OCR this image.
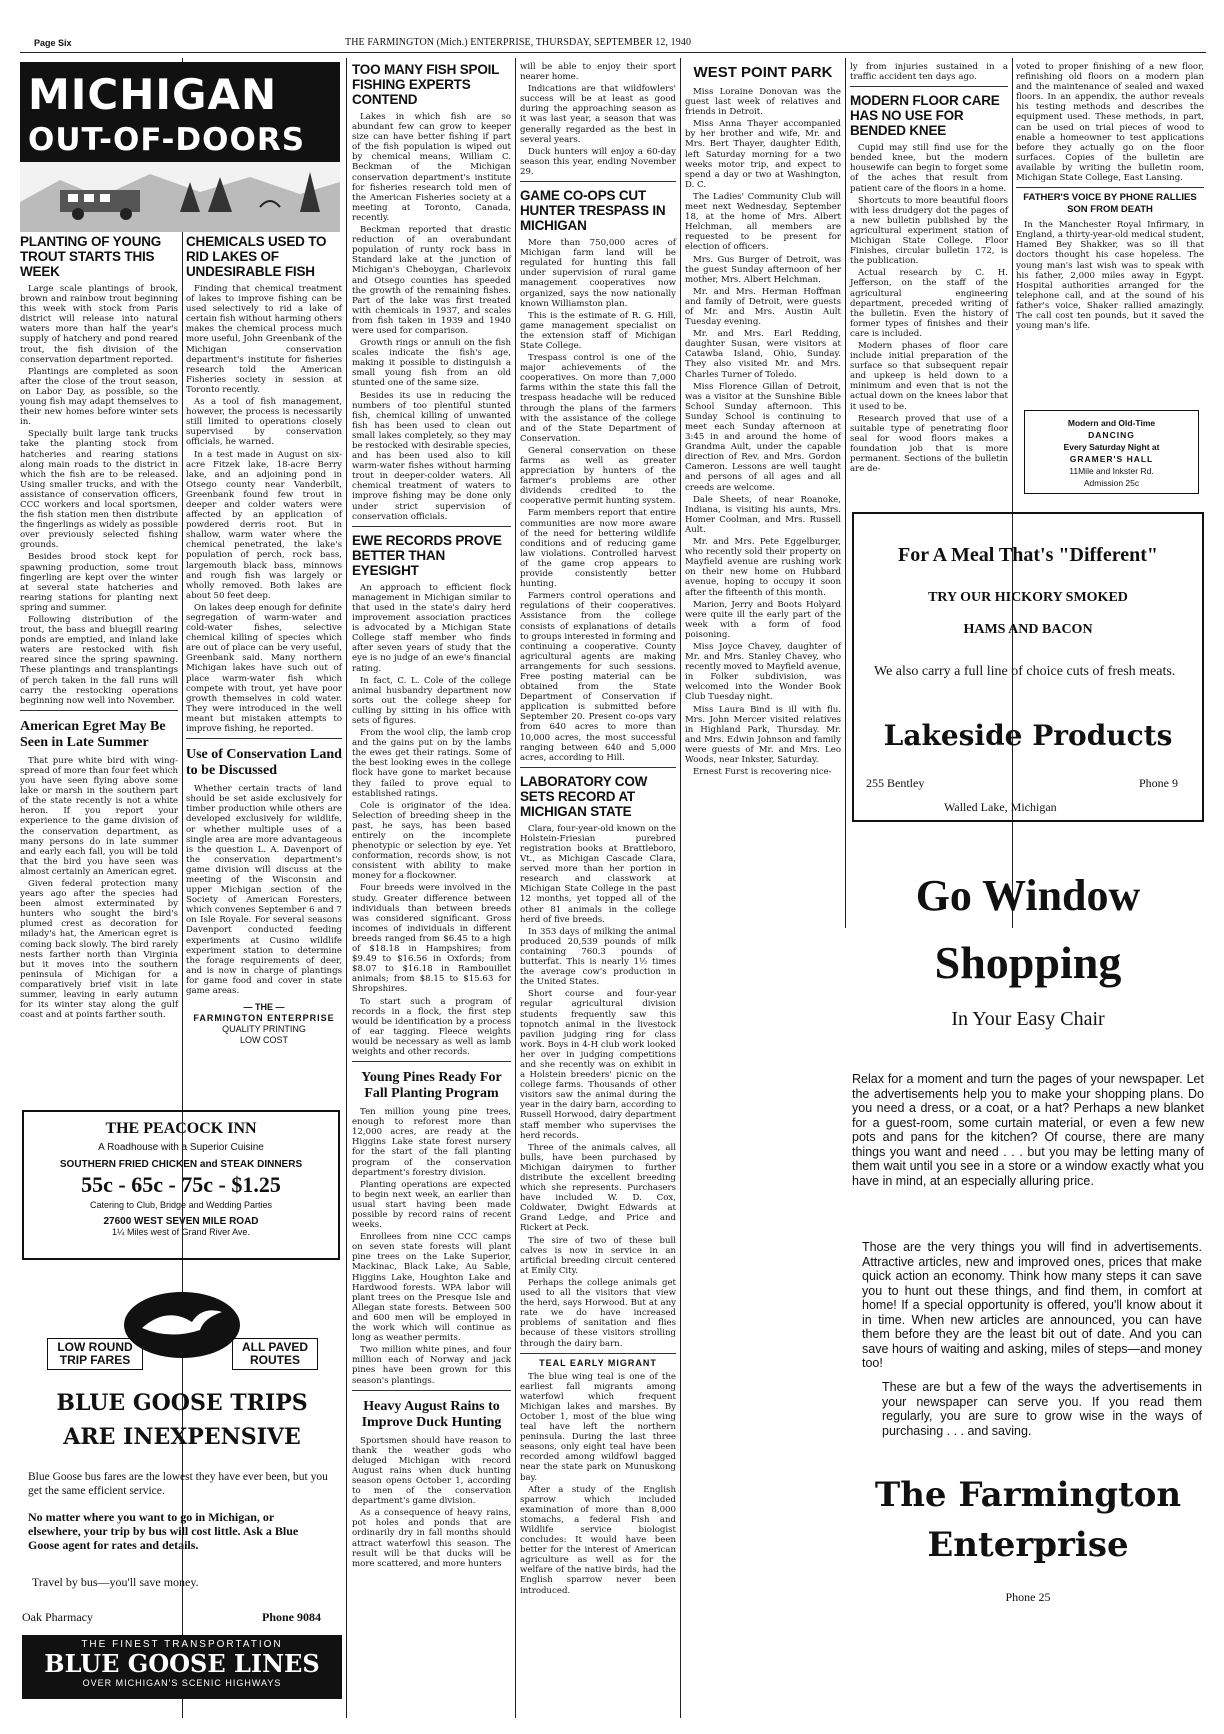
Page Six	THE FARMINGTON (Mich.) ENTERPRISE, THURSDAY, SEPTEMBER 12, 1940
MICHIGAN
OUT-OF-DOORS
PLANTING OF YOUNG TROUT STARTS THIS WEEK

Large scale plantings of brook, brown and rainbow trout beginning this week with stock from Paris district will release into natural waters more than half the year's supply of hatchery and pond reared trout, the fish division of the conservation department reported.

Plantings are completed as soon after the close of the trout season, on Labor Day, as possible, so the young fish may adapt themselves to their new homes before winter sets in.

Specially built large tank trucks take the planting stock from hatcheries and rearing stations along main roads to the district in which the fish are to be released. Using smaller trucks, and with the assistance of conservation officers, CCC workers and local sportsmen, the fish station men then distribute the fingerlings as widely as possible over previously selected fishing grounds.

Besides brood stock kept for spawning production, some trout fingerling are kept over the winter at several state hatcheries and rearing stations for planting next spring and summer.

Following distribution of the trout, the bass and bluegill rearing ponds are emptied, and inland lake waters are restocked with fish reared since the spring spawning. These plantings and transplantings of perch taken in the fall runs will carry the restocking operations beginning now well into November.

American Egret May Be Seen in Late Summer

That pure white bird with wing-spread of more than four feet which you have seen flying above some lake or marsh in the southern part of the state recently is not a white heron. If you report your experience to the game division of the conservation department, as many persons do in late summer and early each fall, you will be told that the bird you have seen was almost certainly an American egret.

Given federal protection many years ago after the species had been almost exterminated by hunters who sought the bird's plumed crest as decoration for milady's hat, the American egret is coming back slowly. The bird rarely nests farther north than Virginia but it moves into the southern peninsula of Michigan for a comparatively brief visit in late summer, leaving in early autumn for its winter stay along the gulf coast and at points farther south.

CHEMICALS USED TO RID LAKES OF UNDESIRABLE FISH

Finding that chemical treatment of lakes to improve fishing can be used selectively to rid a lake of certain fish without harming others makes the chemical process much more useful, John Greenbank of the Michigan conservation department's institute for fisheries research told the American Fisheries society in session at Toronto recently.

As a tool of fish management, however, the process is necessarily still limited to operations closely supervised by conservation officials, he warned.

In a test made in August on six-acre Fitzek lake, 18-acre Berry lake, and an adjoining pond in Otsego county near Vanderbilt, Greenbank found few trout in deeper and colder waters were affected by an application of powdered derris root. But in shallow, warm water where the chemical penetrated, the lake's population of perch, rock bass, largemouth black bass, minnows and rough fish was largely or wholly removed. Both lakes are about 50 feet deep.

On lakes deep enough for definite segregation of warm-water and cold-water fishes, selective chemical killing of species which are out of place can be very useful, Greenbank said. Many northern Michigan lakes have such out of place warm-water fish which compete with trout, yet have poor growth themselves in cold water. They were introduced in the well meant but mistaken attempts to improve fishing, he reported.

Use of Conservation Land to be Discussed

Whether certain tracts of land should be set aside exclusively for timber production while others are developed exclusively for wildlife, or whether multiple uses of a single area are more advantageous is the question L. A. Davenport of the conservation department's game division will discuss at the meeting of the Wisconsin and upper Michigan section of the Society of American Foresters, which convenes September 6 and 7 on Isle Royale. For several seasons Davenport conducted feeding experiments at Cusino wildlife experiment station to determine the forage requirements of deer, and is now in charge of plantings for game food and cover in state game areas.

— THE —
FARMINGTON ENTERPRISE
QUALITY PRINTING
LOW COST
THE PEACOCK INN
A Roadhouse with a Superior Cuisine
SOUTHERN FRIED CHICKEN and STEAK DINNERS
55c - 65c - 75c - $1.25
Catering to Club, Bridge and Wedding Parties
27600 WEST SEVEN MILE ROAD
1¼ Miles west of Grand River Ave.
LOW ROUND TRIP FARES
ALL PAVED ROUTES
BLUE GOOSE TRIPS
ARE INEXPENSIVE
Blue Goose bus fares are the lowest they have ever been, but you get the same efficient service.
No matter where you want to go in Michigan, or elsewhere, your trip by bus will cost little. Ask a Blue Goose agent for rates and details.
Travel by bus—you'll save money.
Oak Pharmacy	Phone 9084
THE FINEST TRANSPORTATION
BLUE GOOSE LINES
OVER MICHIGAN'S SCENIC HIGHWAYS
TOO MANY FISH SPOIL FISHING EXPERTS CONTEND

Lakes in which fish are so abundant few can grow to keeper size can have better fishing if part of the fish population is wiped out by chemical means, William C. Beckman of the Michigan conservation department's institute for fisheries research told men of the American Fisheries society at a meeting at Toronto, Canada, recently.

Beckman reported that drastic reduction of an overabundant population of runty rock bass in Standard lake at the junction of Michigan's Cheboygan, Charlevoix and Otsego counties has speeded the growth of the remaining fishes. Part of the lake was first treated with chemicals in 1937, and scales from fish taken in 1939 and 1940 were used for comparison.

Growth rings or annuli on the fish scales indicate the fish's age, making it possible to distinguish a small young fish from an old stunted one of the same size.

Besides its use in reducing the numbers of too plentiful stunted fish, chemical killing of unwanted fish has been used to clean out small lakes completely, so they may be restocked with desirable species, and has been used also to kill warm-water fishes without harming trout in deeper-colder waters. All chemical treatment of waters to improve fishing may be done only under strict supervision of conservation officials.

EWE RECORDS PROVE BETTER THAN EYESIGHT

An approach to efficient flock management in Michigan similar to that used in the state's dairy herd improvement association practices is advocated by a Michigan State College staff member who finds after seven years of study that the eye is no judge of an ewe's financial rating.

In fact, C. L. Cole of the college animal husbandry department now sorts out the college sheep for culling by sitting in his office with sets of figures.

From the wool clip, the lamb crop and the gains put on by the lambs the ewes get their ratings. Some of the best looking ewes in the college flock have gone to market because they failed to prove equal to established ratings.

Cole is originator of the idea. Selection of breeding sheep in the past, he says, has been based entirely on the incomplete phenotypic or selection by eye. Yet conformation, records show, is not consistent with ability to make money for a flockowner.

Four breeds were involved in the study. Greater difference between individuals than between breeds was considered significant. Gross incomes of individuals in different breeds ranged from $6.45 to a high of $18.18 in Hampshires; from $9.49 to $16.56 in Oxfords; from $8.07 to $16.18 in Rambouillet animals; from $8.15 to $15.63 for Shropshires.

To start such a program of records in a flock, the first step would be identification by a process of ear tagging. Fleece weights would be necessary as well as lamb weights and other records.

Young Pines Ready For Fall Planting Program

Ten million young pine trees, enough to reforest more than 12,000 acres, are ready at the Higgins Lake state forest nursery for the start of the fall planting program of the conservation department's forestry division.

Planting operations are expected to begin next week, an earlier than usual start having been made possible by record rains of recent weeks.

Enrollees from nine CCC camps on seven state forests will plant pine trees on the Lake Superior, Mackinac, Black Lake, Au Sable, Higgins Lake, Houghton Lake and Hardwood forests. WPA labor will plant trees on the Presque Isle and Allegan state forests. Between 500 and 600 men will be employed in the work which will continue as long as weather permits.

Two million white pines, and four million each of Norway and jack pines have been grown for this season's plantings.

Heavy August Rains to Improve Duck Hunting

Sportsmen should have reason to thank the weather gods who deluged Michigan with record August rains when duck hunting season opens October 1, according to men of the conservation department's game division.

As a consequence of heavy rains, pot holes and ponds that are ordinarily dry in fall months should attract waterfowl this season. The result will be that ducks will be more scattered, and more hunters

will be able to enjoy their sport nearer home.

Indications are that wildfowlers' success will be at least as good during the approaching season as it was last year, a season that was generally regarded as the best in several years.

Duck hunters will enjoy a 60-day season this year, ending November 29.

GAME CO-OPS CUT HUNTER TRESPASS IN MICHIGAN

More than 750,000 acres of Michigan farm land will be regulated for hunting this fall under supervision of rural game management cooperatives now organized, says the now nationally known Williamston plan.

This is the estimate of R. G. Hill, game management specialist on the extension staff of Michigan State College.

Trespass control is one of the major achievements of the cooperatives. On more than 7,000 farms within the state this fall the trespass headache will be reduced through the plans of the farmers with the assistance of the college and of the State Department of Conservation.

General conservation on these farms as well as greater appreciation by hunters of the farmer's problems are other dividends credited to the cooperative permit hunting system.

Farm members report that entire communities are now more aware of the need for bettering wildlife conditions and of reducing game law violations. Controlled harvest of the game crop appears to provide consistently better hunting.

Farmers control operations and regulations of their cooperatives. Assistance from the college consists of explanations of details to groups interested in forming and continuing a cooperative. County agricultural agents are making arrangements for such sessions. Free posting material can be obtained from the State Department of Conservation if application is submitted before September 20. Present co-ops vary from 640 acres to more than 10,000 acres, the most successful ranging between 640 and 5,000 acres, according to Hill.

LABORATORY COW SETS RECORD AT MICHIGAN STATE

Clara, four-year-old known on the Holstein-Friesian purebred registration books at Brattleboro, Vt., as Michigan Cascade Clara, served more than her portion in research and classwork at Michigan State College in the past 12 months, yet topped all of the other 81 animals in the college herd of five breeds.

In 353 days of milking the animal produced 20,539 pounds of milk containing 760.3 pounds of butterfat. This is nearly 1½ times the average cow's production in the United States.

Short course and four-year regular agricultural division students frequently saw this topnotch animal in the livestock pavilion judging ring for class work. Boys in 4-H club work looked her over in judging competitions and she recently was on exhibit in a Holstein breeders' picnic on the college farms. Thousands of other visitors saw the animal during the year in the dairy barn, according to Russell Horwood, dairy department staff member who supervises the herd records.

Three of the animals calves, all bulls, have been purchased by Michigan dairymen to further distribute the excellent breeding which she represents. Purchasers have included W. D. Cox, Coldwater, Dwight Edwards at Grand Ledge, and Price and Rickert at Peck.

The sire of two of these bull calves is now in service in an artificial breeding circuit centered at Emily City.

Perhaps the college animals get used to all the visitors that view the herd, says Horwood. But at any rate we do have increased problems of sanitation and flies because of these visitors strolling through the dairy barn.

TEAL EARLY MIGRANT

The blue wing teal is one of the earliest fall migrants among waterfowl which frequent Michigan lakes and marshes. By October 1, most of the blue wing teal have left the northern peninsula. During the last three seasons, only eight teal have been recorded among wildfowl bagged near the state park on Munuskong bay.

After a study of the English sparrow which included examination of more than 8,000 stomachs, a federal Fish and Wildlife service biologist concludes: It would have been better for the interest of American agriculture as well as for the welfare of the native birds, had the English sparrow never been introduced.

WEST POINT PARK

Miss Loraine Donovan was the guest last week of relatives and friends in Detroit.

Miss Anna Thayer accompanied by her brother and wife, Mr. and Mrs. Bert Thayer, daughter Edith, left Saturday morning for a two weeks motor trip, and expect to spend a day or two at Washington, D. C.

The Ladies' Community Club will meet next Wednesday, September 18, at the home of Mrs. Albert Helchman, all members are requested to be present for election of officers.

Mrs. Gus Burger of Detroit, was the guest Sunday afternoon of her mother, Mrs. Albert Helchman.

Mr. and Mrs. Herman Hoffman and family of Detroit, were guests of Mr. and Mrs. Austin Ault Tuesday evening.

Mr. and Mrs. Earl Redding, daughter Susan, were visitors at Catawba Island, Ohio, Sunday. They also visited Mr. and Mrs. Charles Turner of Toledo.

Miss Florence Gillan of Detroit, was a visitor at the Sunshine Bible School Sunday afternoon. This Sunday School is continuing to meet each Sunday afternoon at 3:45 in and around the home of Grandma Ault, under the capable direction of Rev. and Mrs. Gordon Cameron. Lessons are well taught and persons of all ages and all creeds are welcome.

Dale Sheets, of near Roanoke, Indiana, is visiting his aunts, Mrs. Homer Coolman, and Mrs. Russell Ault.

Mr. and Mrs. Pete Eggelburger, who recently sold their property on Mayfield avenue are rushing work on their new home on Hubbard avenue, hoping to occupy it soon after the fifteenth of this month.

Marion, Jerry and Boots Holyard were quite ill the early part of the week with a form of food poisoning.

Miss Joyce Chavey, daughter of Mr. and Mrs. Stanley Chavey, who recently moved to Mayfield avenue, in Folker subdivision, was welcomed into the Wonder Book Club Tuesday night.

Miss Laura Bind is ill with flu. Mrs. John Mercer visited relatives in Highland Park, Thursday. Mr. and Mrs. Edwin Johnson and family were guests of Mr. and Mrs. Leo Woods, near Inkster, Saturday.

Ernest Furst is recovering nice-

ly from injuries sustained in a traffic accident ten days ago.

MODERN FLOOR CARE HAS NO USE FOR BENDED KNEE

Cupid may still find use for the bended knee, but the modern housewife can begin to forget some of the aches that result from patient care of the floors in a home.

Shortcuts to more beautiful floors with less drudgery dot the pages of a new bulletin published by the agricultural experiment station of Michigan State College. Floor Finishes, circular bulletin 172, is the publication.

Actual research by C. H. Jefferson, on the staff of the agricultural engineering department, preceded writing of the bulletin. Even the history of former types of finishes and their care is included.

Modern phases of floor care include initial preparation of the surface so that subsequent repair and upkeep is held down to a minimum and even that is not the actual down on the knees labor that it used to be.

Research proved that use of a suitable type of penetrating floor seal for wood floors makes a foundation job that is more permanent. Sections of the bulletin are de-

voted to proper finishing of a new floor, refinishing old floors on a modern plan and the maintenance of sealed and waxed floors. In an appendix, the author reveals his testing methods and describes the equipment used. These methods, in part, can be used on trial pieces of wood to enable a homeowner to test applications before they actually go on the floor surfaces. Copies of the bulletin are available by writing the bulletin room, Michigan State College, East Lansing.

FATHER'S VOICE BY PHONE RALLIES SON FROM DEATH

In the Manchester Royal Infirmary, in England, a thirty-year-old medical student, Hamed Bey Shakker, was so ill that doctors thought his case hopeless. The young man's last wish was to speak with his father, 2,000 miles away in Egypt. Hospital authorities arranged for the telephone call, and at the sound of his father's voice, Shaker rallied amazingly. The call cost ten pounds, but it saved the young man's life.

Modern and Old-Time
DANCING
Every Saturday Night at
GRAMER'S HALL
11Mile and Inkster Rd.
Admission 25c
For A Meal That's "Different"
TRY OUR HICKORY SMOKED
HAMS AND BACON
We also carry a full line of choice cuts of fresh meats.
Lakeside Products
255 Bentley	Phone 9
Walled Lake, Michigan
Go Window
Shopping
In Your Easy Chair
Relax for a moment and turn the pages of your newspaper. Let the advertisements help you to make your shopping plans. Do you need a dress, or a coat, or a hat? Perhaps a new blanket for a guest-room, some curtain material, or even a few new pots and pans for the kitchen? Of course, there are many things you want and need . . . but you may be letting many of them wait until you see in a store or a window exactly what you have in mind, at an especially alluring price.
Those are the very things you will find in advertisements. Attractive articles, new and improved ones, prices that make quick action an economy. Think how many steps it can save you to hunt out these things, and find them, in comfort at home! If a special opportunity is offered, you'll know about it in time. When new articles are announced, you can have them before they are the least bit out of date. And you can save hours of waiting and asking, miles of steps—and money too!
These are but a few of the ways the advertisements in your newspaper can serve you. If you read them regularly, you are sure to grow wise in the ways of purchasing . . . and saving.
The Farmington
Enterprise
Phone 25
